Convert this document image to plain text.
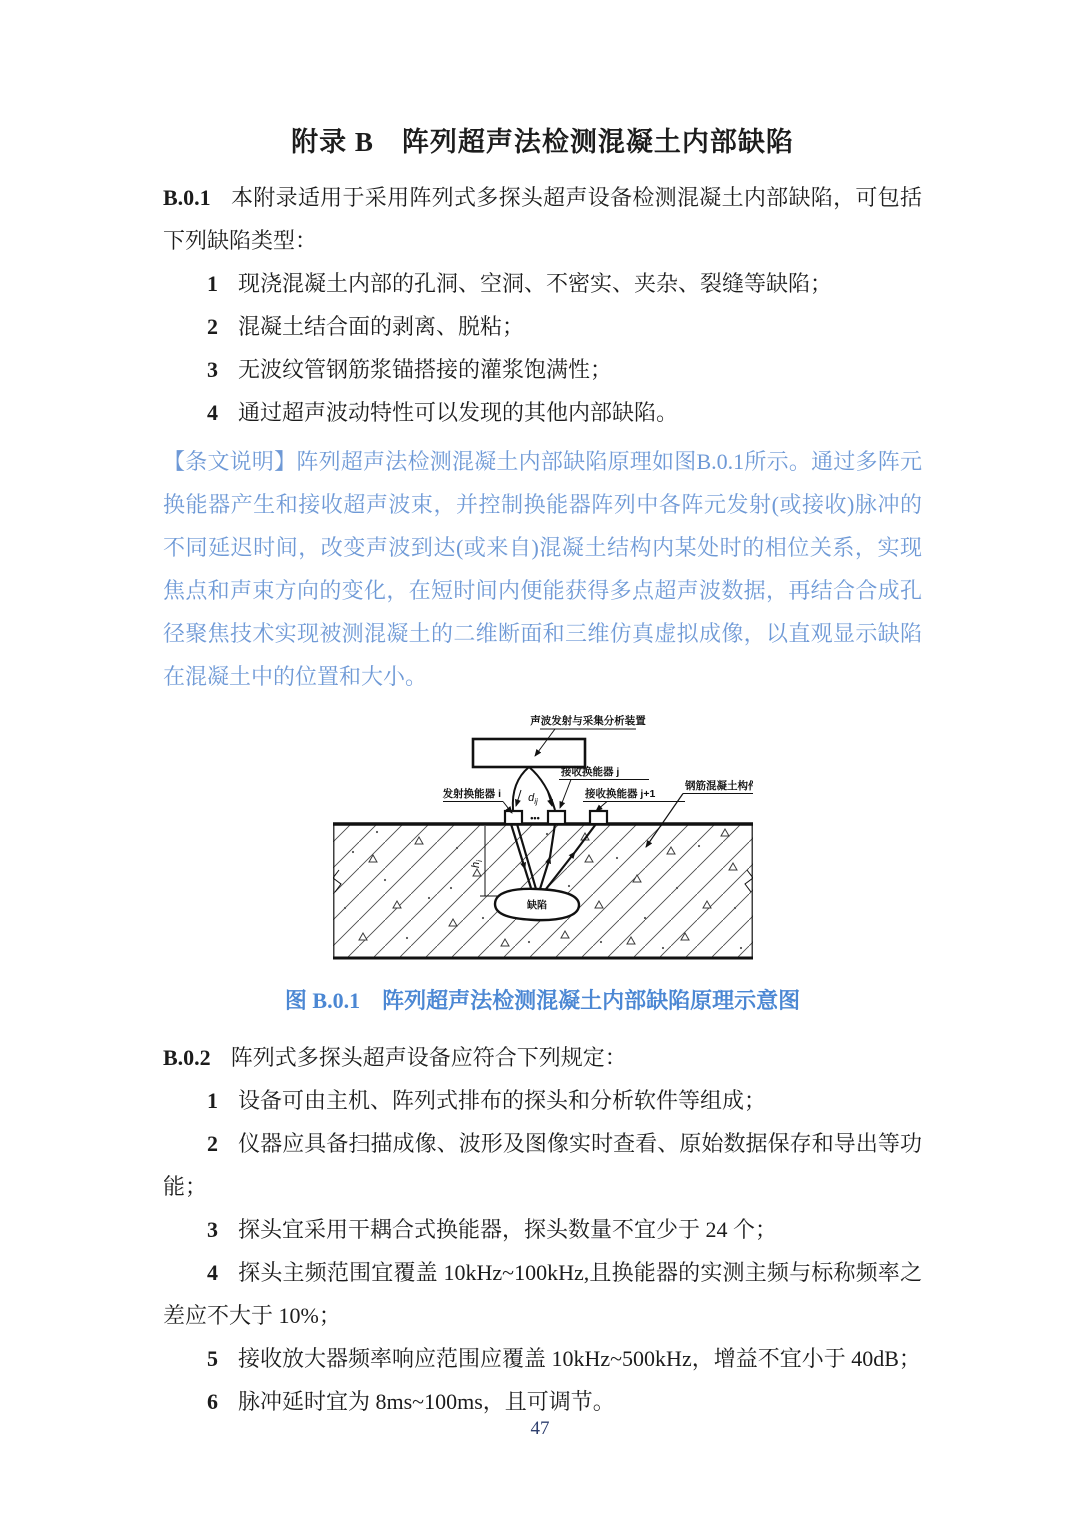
附录 B　阵列超声法检测混凝土内部缺陷

B.0.1 本附录适用于采用阵列式多探头超声设备检测混凝土内部缺陷，可包括下列缺陷类型：

1 现浇混凝土内部的孔洞、空洞、不密实、夹杂、裂缝等缺陷；

2 混凝土结合面的剥离、脱粘；

3 无波纹管钢筋浆锚搭接的灌浆饱满性；

4 通过超声波动特性可以发现的其他内部缺陷。

【条文说明】阵列超声法检测混凝土内部缺陷原理如图B.0.1所示。通过多阵元换能器产生和接收超声波束，并控制换能器阵列中各阵元发射(或接收)脉冲的不同延迟时间，改变声波到达(或来自)混凝土结构内某处时的相位关系，实现焦点和声束方向的变化，在短时间内便能获得多点超声波数据，再结合合成孔径聚焦技术实现被测混凝土的二维断面和三维仿真虚拟成像，以直观显示缺陷在混凝土中的位置和大小。

声波发射与采集分析装置
$d_{ij}$
•••
发射换能器 i
接收换能器 j
接收换能器 j+1
钢筋混凝土构件
$h_i$
缺陷

图 B.0.1　阵列超声法检测混凝土内部缺陷原理示意图

B.0.2 阵列式多探头超声设备应符合下列规定：

1 设备可由主机、阵列式排布的探头和分析软件等组成；

2 仪器应具备扫描成像、波形及图像实时查看、原始数据保存和导出等功能；

3 探头宜采用干耦合式换能器，探头数量不宜少于 24 个；

4 探头主频范围宜覆盖 10kHz~100kHz,且换能器的实测主频与标称频率之差应不大于 10%；

5 接收放大器频率响应范围应覆盖 10kHz~500kHz，增益不宜小于 40dB；

6 脉冲延时宜为 8ms~100ms，且可调节。

47
